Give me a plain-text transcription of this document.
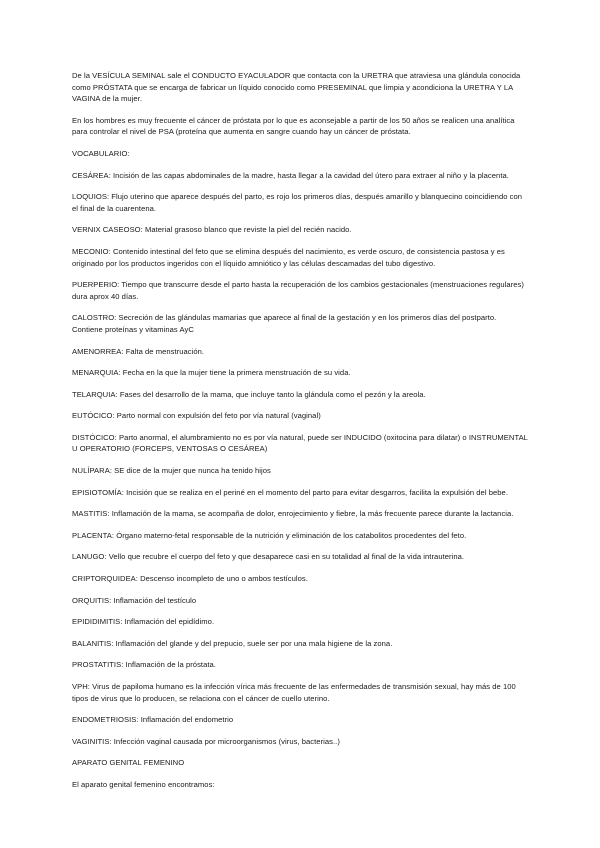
De la VESÍCULA SEMINAL sale el CONDUCTO EYACULADOR que contacta con la URETRA que atraviesa una glándula conocida como PRÓSTATA que se encarga de fabricar un líquido conocido como PRESEMINAL que limpia y acondiciona la URETRA Y LA VAGINA de la mujer.

En los hombres es muy frecuente el cáncer de próstata por lo que es aconsejable a partir de los 50 años se realicen una analítica para controlar el nivel de PSA (proteína que aumenta en sangre cuando hay un cáncer de próstata.

VOCABULARIO:

CESÁREA: Incisión de las capas abdominales de la madre, hasta llegar a la cavidad del útero para extraer al niño y la placenta.

LOQUIOS: Flujo uterino que aparece después del parto, es rojo los primeros días, después amarillo y blanquecino coincidiendo con el final de la cuarentena.

VERNIX CASEOSO: Material grasoso blanco que reviste la piel del recién nacido.

MECONIO: Contenido intestinal del feto que se elimina después del nacimiento, es verde oscuro, de consistencia pastosa y es originado por los productos ingeridos con el líquido amniótico y las células descamadas del tubo digestivo.

PUERPERIO: Tiempo que transcurre desde el parto hasta la recuperación de los cambios gestacionales (menstruaciones regulares) dura aprox 40 días.

CALOSTRO: Secreción de las glándulas mamarias que aparece al final de la gestación y en los primeros días del postparto. Contiene proteínas y vitaminas AyC

AMENORREA: Falta de menstruación.

MENARQUIA: Fecha en la que la mujer tiene la primera menstruación de su vida.

TELARQUIA: Fases del desarrollo de la mama, que incluye tanto la glándula como el pezón y la areola.

EUTÓCICO: Parto normal con expulsión del feto por vía natural (vaginal)

DISTÓCICO: Parto anormal, el alumbramiento no es por vía natural, puede ser INDUCIDO (oxitocina para dilatar) o INSTRUMENTAL U OPERATORIO (FORCEPS, VENTOSAS O CESÁREA)

NULÍPARA: SE dice de la mujer que nunca ha tenido hijos

EPISIOTOMÍA: Incisión que se realiza en el periné en el momento del parto para evitar desgarros, facilita la expulsión del bebe.

MASTITIS: Inflamación de la mama, se acompaña de dolor, enrojecimiento y fiebre, la más frecuente parece durante la lactancia.

PLACENTA: Órgano materno-fetal responsable de la nutrición y eliminación de los catabolitos procedentes del feto.

LANUGO: Vello que recubre el cuerpo del feto y que desaparece casi en su totalidad al final de la vida intrauterina.

CRIPTORQUIDEA: Descenso incompleto de uno o ambos testículos.

ORQUITIS: Inflamación del testículo

EPIDIDIMITIS: Inflamación del epidídimo.

BALANITIS: Inflamación del glande y del prepucio, suele ser por una mala higiene de la zona.

PROSTATITIS: Inflamación de la próstata.

VPH: Virus de papiloma humano es la infección vírica más frecuente de las enfermedades de transmisión sexual, hay más de 100 tipos de virus que lo producen, se relaciona con el cáncer de cuello uterino.

ENDOMETRIOSIS: Inflamación del endometrio

VAGINITIS: Infección vaginal causada por microorganismos (virus, bacterias..)

APARATO GENITAL FEMENINO

El aparato genital femenino encontramos:
